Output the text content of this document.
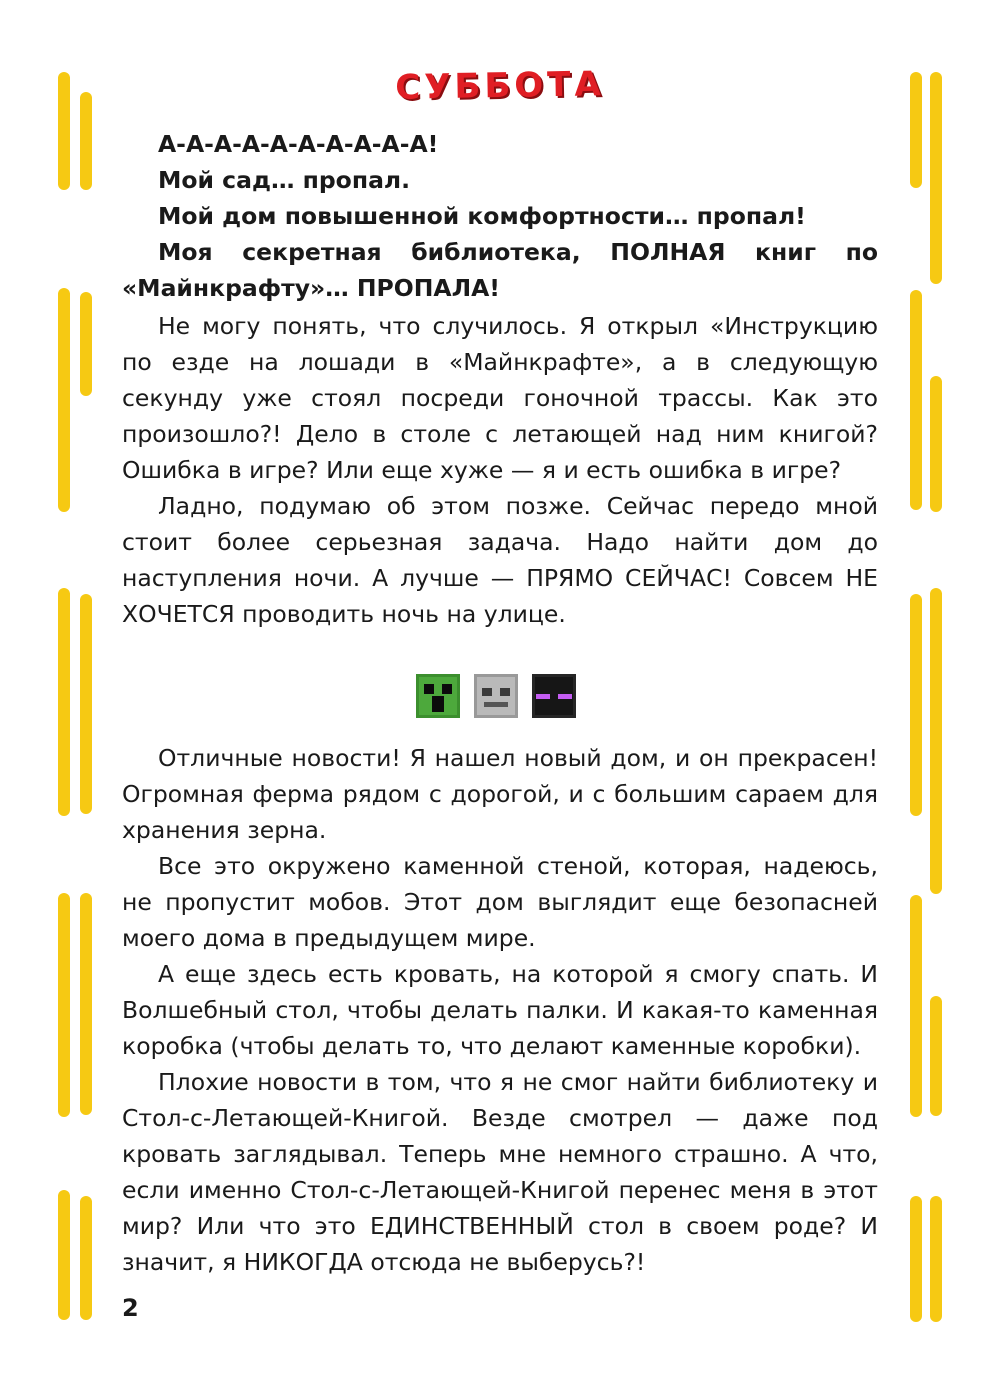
СУББОТА

А-А-А-А-А-А-А-А-А-А!

Мой сад… пропал.

Мой дом повышенной комфортности… пропал!

Моя секретная библиотека, ПОЛНАЯ книг по «Майнкрафту»… ПРОПАЛА!

Не могу понять, что случилось. Я открыл «Инструкцию по езде на лошади в «Майнкрафте», а в следующую секунду уже стоял посреди гоночной трассы. Как это произошло?! Дело в столе с летающей над ним книгой? Ошибка в игре? Или еще хуже — я и есть ошибка в игре?

Ладно, подумаю об этом позже. Сейчас передо мной стоит более серьезная задача. Надо найти дом до наступления ночи. А лучше — ПРЯМО СЕЙЧАС! Совсем НЕ ХОЧЕТСЯ проводить ночь на улице.

Отличные новости! Я нашел новый дом, и он прекрасен! Огромная ферма рядом с дорогой, и с большим сараем для хранения зерна.

Все это окружено каменной стеной, которая, надеюсь, не пропустит мобов. Этот дом выглядит еще безопасней моего дома в предыдущем мире.

А еще здесь есть кровать, на которой я смогу спать. И Волшебный стол, чтобы делать палки. И какая-то каменная коробка (чтобы делать то, что делают каменные коробки).

Плохие новости в том, что я не смог найти библиотеку и Стол-с-Летающей-Книгой. Везде смотрел — даже под кровать заглядывал. Теперь мне немного страшно. А что, если именно Стол-с-Летающей-Книгой перенес меня в этот мир? Или что это ЕДИНСТВЕННЫЙ стол в своем роде? И значит, я НИКОГДА отсюда не выберусь?!

2
